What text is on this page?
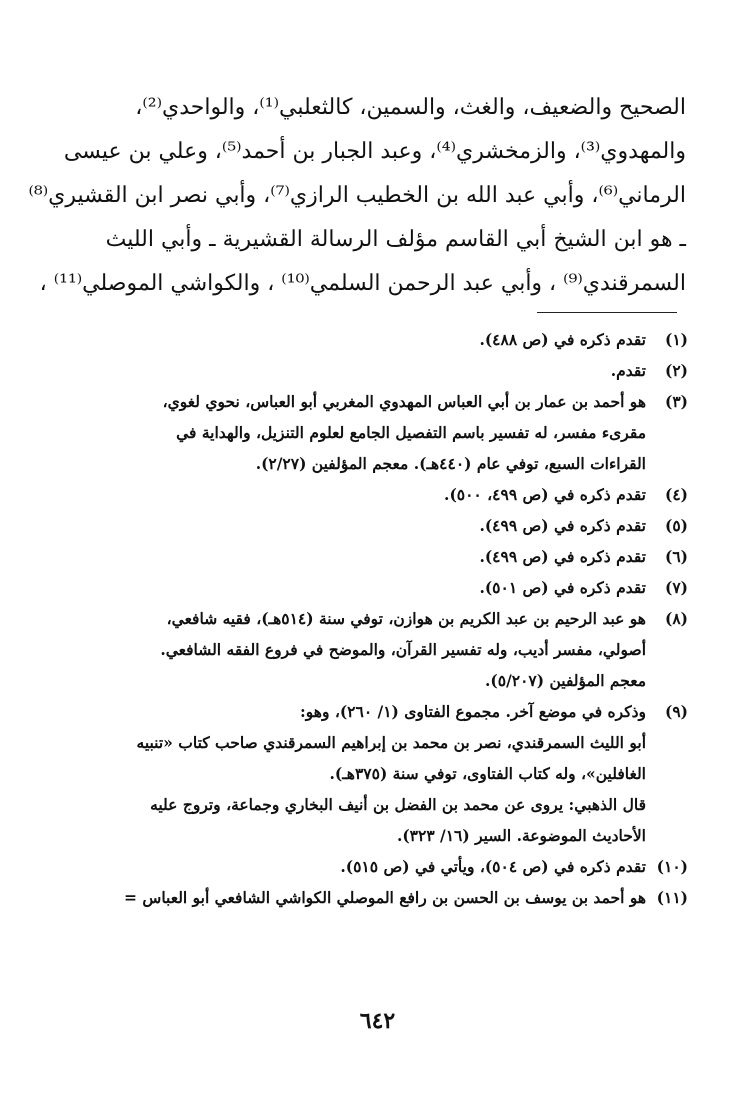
الصحيح والضعيف، والغث، والسمين، كالثعلبي⁽¹⁾، والواحدي⁽²⁾،
والمهدوي⁽³⁾، والزمخشري⁽⁴⁾، وعبد الجبار بن أحمد⁽⁵⁾، وعلي بن عيسى
الرماني⁽⁶⁾، وأبي عبد الله بن الخطيب الرازي⁽⁷⁾، وأبي نصر ابن القشيري⁽⁸⁾
ـ هو ابن الشيخ أبي القاسم مؤلف الرسالة القشيرية ـ وأبي الليث
السمرقندي⁽⁹⁾ ، وأبي عبد الرحمن السلمي⁽¹⁰⁾ ، والكواشي الموصلي⁽¹¹⁾ ،
(١)
تقدم ذكره في (ص ٤٨٨).
(٢)
تقدم.
(٣)
هو أحمد بن عمار بن أبي العباس المهدوي المغربي أبو العباس، نحوي لغوي،
مقرىء مفسر، له تفسير باسم التفصيل الجامع لعلوم التنزيل، والهداية في
القراءات السبع، توفي عام (٤٤٠هـ). معجم المؤلفين (٢/٢٧).
(٤)
تقدم ذكره في (ص ٤٩٩، ٥٠٠).
(٥)
تقدم ذكره في (ص ٤٩٩).
(٦)
تقدم ذكره في (ص ٤٩٩).
(٧)
تقدم ذكره في (ص ٥٠١).
(٨)
هو عبد الرحيم بن عبد الكريم بن هوازن، توفي سنة (٥١٤هـ)، فقيه شافعي،
أصولي، مفسر أديب، وله تفسير القرآن، والموضح في فروع الفقه الشافعي.
معجم المؤلفين (٥/٢٠٧).
(٩)
وذكره في موضع آخر. مجموع الفتاوى (١/ ٢٦٠)، وهو:
أبو الليث السمرقندي، نصر بن محمد بن إبراهيم السمرقندي صاحب كتاب «تنبيه
الغافلين»، وله كتاب الفتاوى، توفي سنة (٣٧٥هـ).
قال الذهبي: يروى عن محمد بن الفضل بن أنيف البخاري وجماعة، وتروج عليه
الأحاديث الموضوعة. السير (١٦/ ٣٢٣).
(١٠)
تقدم ذكره في (ص ٥٠٤)، ويأتي في (ص ٥١٥).
(١١)
هو أحمد بن يوسف بن الحسن بن رافع الموصلي الكواشي الشافعي أبو العباس =
٦٤٢
